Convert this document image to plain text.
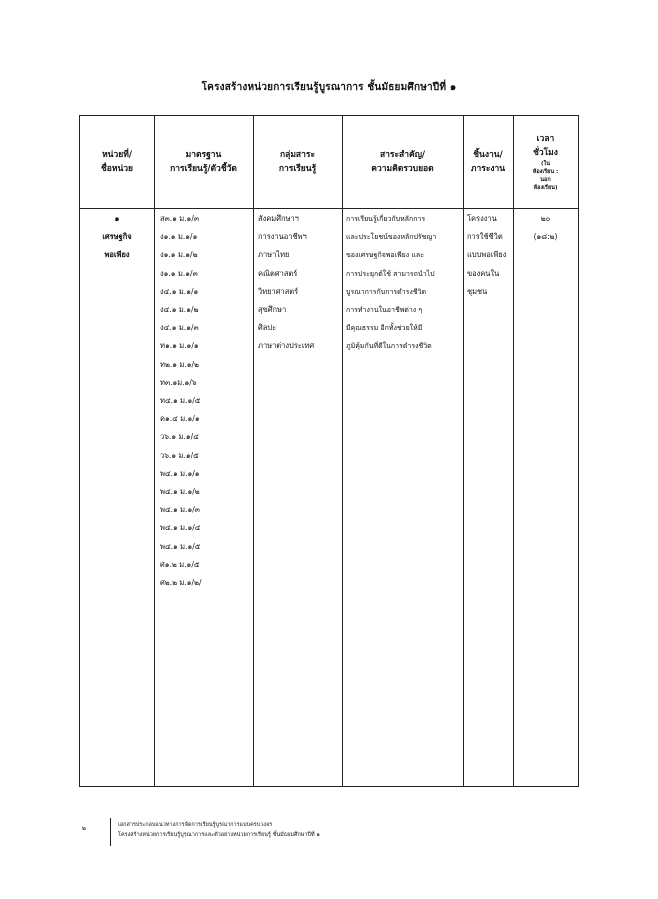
โครงสร้างหน่วยการเรียนรู้บูรณาการ ชั้นมัธยมศึกษาปีที่ ๑
หน่วยที่/
ชื่อหน่วย
มาตรฐาน
การเรียนรู้/ตัวชี้วัด
กลุ่มสาระ
การเรียนรู้
สาระสำคัญ/
ความคิดรวบยอด
ชิ้นงาน/
ภาระงาน
เวลา
ชั่วโมง
(ใน
ห้องเรียน :
นอก
ห้องเรียน)
๑
เศรษฐกิจ
พอเพียง
ส๓.๑ ม.๑/๓
ง๑.๑ ม.๑/๑
ง๑.๑ ม.๑/๒
ง๑.๑ ม.๑/๓
ง๔.๑ ม.๑/๑
ง๔.๑ ม.๑/๒
ง๔.๑ ม.๑/๓
ท๑.๑ ม.๑/๑
ท๒.๑ ม.๑/๒
ท๓.๑ม.๑/๖
ท๔.๑ ม.๑/๕
ค๑.๔ ม.๑/๑
ว๖.๑ ม.๑/๔
ว๖.๑ ม.๑/๕
พ๔.๑ ม.๑/๑
พ๔.๑ ม.๑/๒
พ๔.๑ ม.๑/๓
พ๔.๑ ม.๑/๔
พ๔.๑ ม.๑/๕
ศ๑.๒ ม.๑/๕
ศ๒.๒ ม.๑/๒/
สังคมศึกษาฯ
การงานอาชีพฯ
ภาษาไทย
คณิตศาสตร์
วิทยาศาสตร์
สุขศึกษา
ศิลปะ
ภาษาต่างประเทศ
การเรียนรู้เกี่ยวกับหลักการ
และประโยชน์ของหลักปรัชญา
ของเศรษฐกิจพอเพียง และ
การประยุกต์ใช้ สามารถนำไป
บูรณาการกับการดำรงชีวิต
การทำงานในอาชีพต่าง ๆ
มีคุณธรรม อีกทั้งช่วยให้มี
ภูมิคุ้มกันที่ดีในการดำรงชีวิต
โครงงาน
การใช้ชีวิต
แบบพอเพียง
ของคนใน
ชุมชน
๒๐
(๑๘:๒)
๒	เอกสารประกอบแนวทางการจัดการเรียนรู้บูรณาการแบบครบวงจร
โครงสร้างหน่วยการเรียนรู้บูรณาการและตัวอย่างหน่วยการเรียนรู้ ชั้นมัธยมศึกษาปีที่ ๑
